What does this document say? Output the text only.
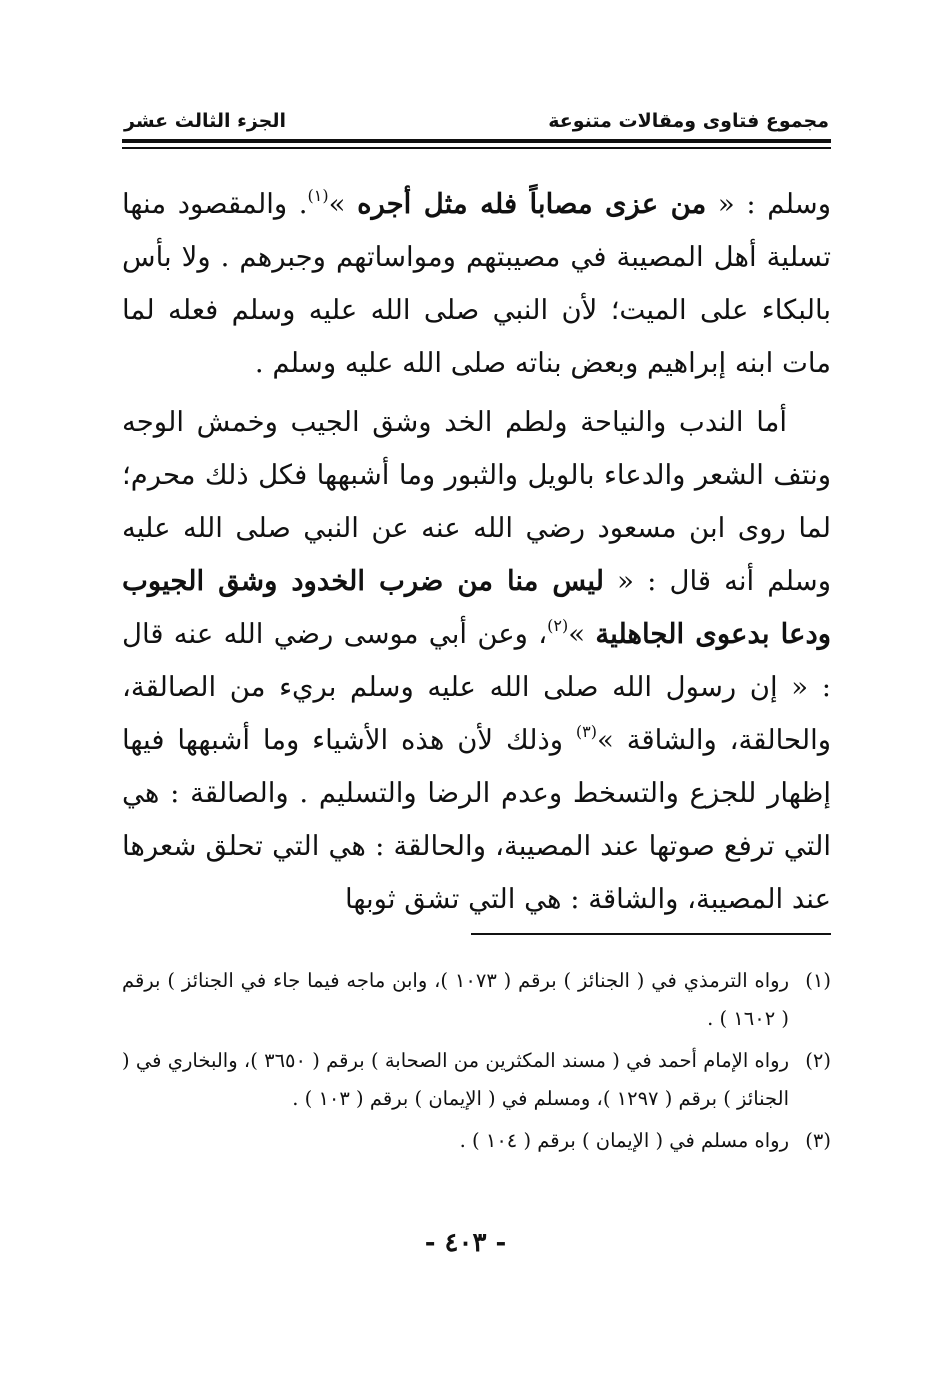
مجموع فتاوى ومقالات متنوعة
الجزء الثالث عشر

وسلم : « من عزى مصاباً فله مثل أجره »$^{(١)}$. والمقصود منها تسلية أهل المصيبة في مصيبتهم ومواساتهم وجبرهم . ولا بأس بالبكاء على الميت؛ لأن النبي صلى الله عليه وسلم فعله لما مات ابنه إبراهيم وبعض بناته صلى الله عليه وسلم .

أما الندب والنياحة ولطم الخد وشق الجيب وخمش الوجه ونتف الشعر والدعاء بالويل والثبور وما أشبهها فكل ذلك محرم؛ لما روى ابن مسعود رضي الله عنه عن النبي صلى الله عليه وسلم أنه قال : « ليس منا من ضرب الخدود وشق الجيوب ودعا بدعوى الجاهلية »$^{(٢)}$، وعن أبي موسى رضي الله عنه قال : « إن رسول الله صلى الله عليه وسلم بريء من الصالقة، والحالقة، والشاقة »$^{(٣)}$ وذلك لأن هذه الأشياء وما أشبهها فيها إظهار للجزع والتسخط وعدم الرضا والتسليم . والصالقة : هي التي ترفع صوتها عند المصيبة، والحالقة : هي التي تحلق شعرها عند المصيبة، والشاقة : هي التي تشق ثوبها

(١)
رواه الترمذي في ( الجنائز ) برقم ( ١٠٧٣ )، وابن ماجه فيما جاء في الجنائز ) برقم ( ١٦٠٢ ) .
(٢)
رواه الإمام أحمد في ( مسند المكثرين من الصحابة ) برقم ( ٣٦٥٠ )، والبخاري في ( الجنائز ) برقم ( ١٢٩٧ )، ومسلم في ( الإيمان ) برقم ( ١٠٣ ) .
(٣)
رواه مسلم في ( الإيمان ) برقم ( ١٠٤ ) .
- ٤٠٣ -
